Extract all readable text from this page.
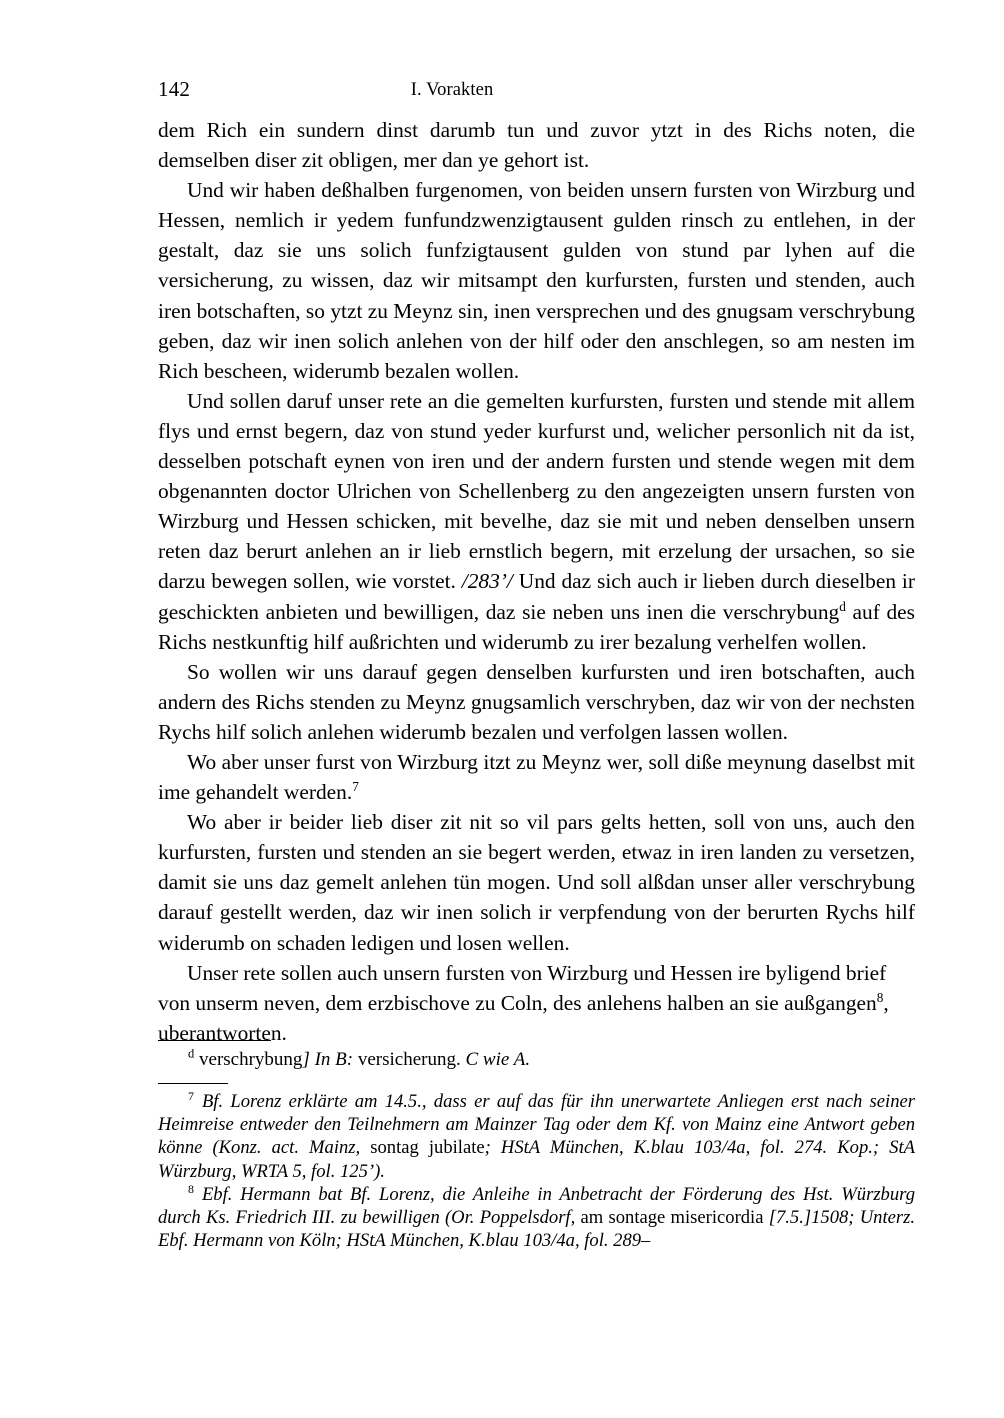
142	I. Vorakten

dem Rich ein sundern dinst darumb tun und zuvor ytzt in des Richs noten, die demselben diser zit obligen, mer dan ye gehort ist.

Und wir haben deßhalben furgenomen, von beiden unsern fursten von Wirzburg und Hessen, nemlich ir yedem funfundzwenzigtausent gulden rinsch zu entlehen, in der gestalt, daz sie uns solich funfzigtausent gulden von stund par lyhen auf die versicherung, zu wissen, daz wir mitsampt den kurfursten, fursten und stenden, auch iren botschaften, so ytzt zu Meynz sin, inen versprechen und des gnugsam verschrybung geben, daz wir inen solich anlehen von der hilf oder den anschlegen, so am nesten im Rich bescheen, widerumb bezalen wollen.

Und sollen daruf unser rete an die gemelten kurfursten, fursten und stende mit allem flys und ernst begern, daz von stund yeder kurfurst und, welicher personlich nit da ist, desselben potschaft eynen von iren und der andern fursten und stende wegen mit dem obgenannten doctor Ulrichen von Schellenberg zu den angezeigten unsern fursten von Wirzburg und Hessen schicken, mit bevelhe, daz sie mit und neben denselben unsern reten daz berurt anlehen an ir lieb ernstlich begern, mit erzelung der ursachen, so sie darzu bewegen sollen, wie vorstet. /283’/ Und daz sich auch ir lieben durch dieselben ir geschickten anbieten und bewilligen, daz sie neben uns inen die verschrybung$^d$ auf des Richs nestkunftig hilf außrichten und widerumb zu irer bezalung verhelfen wollen.

So wollen wir uns darauf gegen denselben kurfursten und iren botschaften, auch andern des Richs stenden zu Meynz gnugsamlich verschryben, daz wir von der nechsten Rychs hilf solich anlehen widerumb bezalen und verfolgen lassen wollen.

Wo aber unser furst von Wirzburg itzt zu Meynz wer, soll diße meynung daselbst mit ime gehandelt werden.$^7$

Wo aber ir beider lieb diser zit nit so vil pars gelts hetten, soll von uns, auch den kurfursten, fursten und stenden an sie begert werden, etwaz in iren landen zu versetzen, damit sie uns daz gemelt anlehen tün mogen. Und soll alßdan unser aller verschrybung darauf gestellt werden, daz wir inen solich ir verpfendung von der berurten Rychs hilf widerumb on schaden ledigen und losen wellen.

Unser rete sollen auch unsern fursten von Wirzburg und Hessen ire byligend brief von unserm neven, dem erzbischove zu Coln, des anlehens halben an sie außgangen$^8$, uberantworten.

$^d$ verschrybung] In B: versicherung. C wie A.

$^7$ Bf. Lorenz erklärte am 14.5., dass er auf das für ihn unerwartete Anliegen erst nach seiner Heimreise entweder den Teilnehmern am Mainzer Tag oder dem Kf. von Mainz eine Antwort geben könne (Konz. act. Mainz, sontag jubilate; HStA München, K.blau 103/4a, fol. 274. Kop.; StA Würzburg, WRTA 5, fol. 125’).

$^8$ Ebf. Hermann bat Bf. Lorenz, die Anleihe in Anbetracht der Förderung des Hst. Würzburg durch Ks. Friedrich III. zu bewilligen (Or. Poppelsdorf, am sontage misericordia [7.5.]1508; Unterz. Ebf. Hermann von Köln; HStA München, K.blau 103/4a, fol. 289–
